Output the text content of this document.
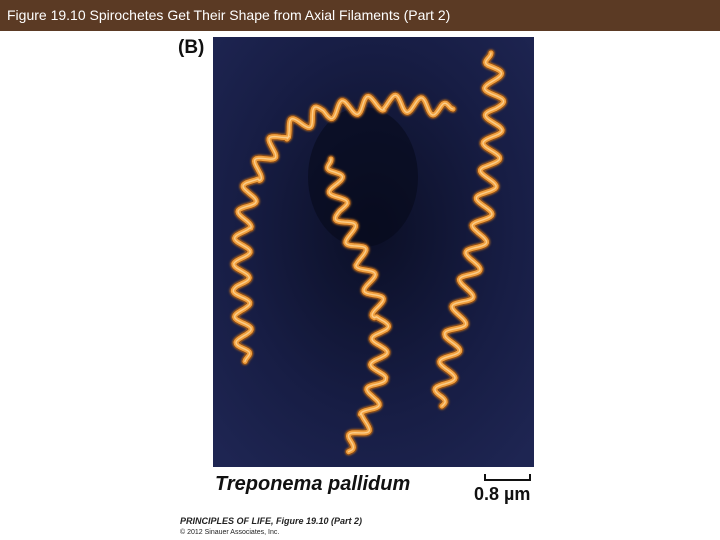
Figure 19.10 Spirochetes Get Their Shape from Axial Filaments (Part 2)
(B)
Treponema pallidum	0.8 µm
PRINCIPLES OF LIFE, Figure 19.10 (Part 2)
© 2012 Sinauer Associates, Inc.
